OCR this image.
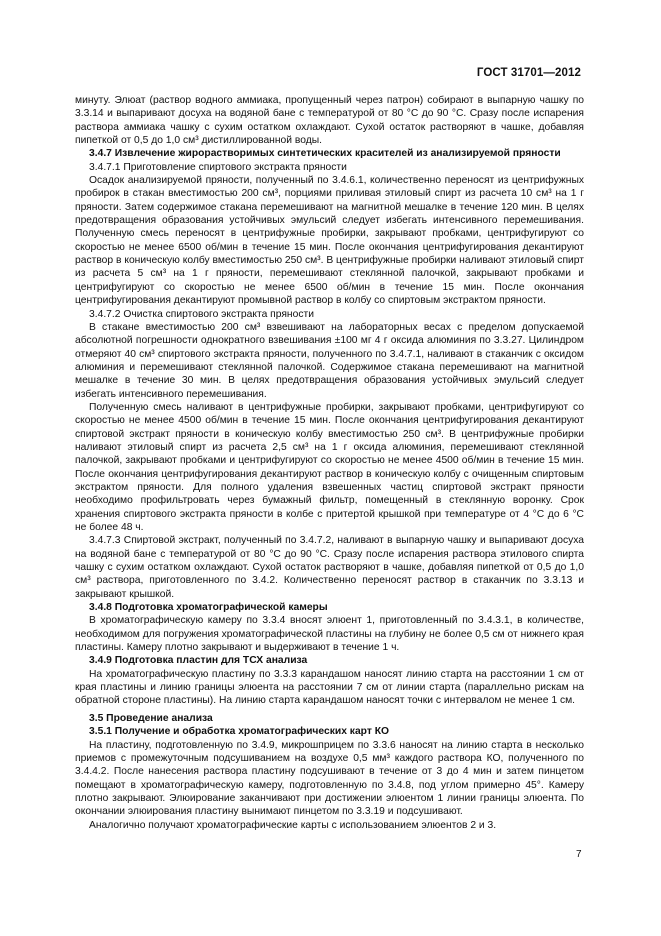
ГОСТ 31701—2012

минуту. Элюат (раствор водного аммиака, пропущенный через патрон) собирают в выпарную чашку по 3.3.14 и выпаривают досуха на водяной бане с температурой от 80 °С до 90 °С. Сразу после испарения раствора аммиака чашку с сухим остатком охлаждают. Сухой остаток растворяют в чашке, добавляя пипеткой от 0,5 до 1,0 см³ дистиллированной воды.

3.4.7 Извлечение жирорастворимых синтетических красителей из анализируемой пряности

3.4.7.1 Приготовление спиртового экстракта пряности

Осадок анализируемой пряности, полученный по 3.4.6.1, количественно переносят из центрифужных пробирок в стакан вместимостью 200 см³, порциями приливая этиловый спирт из расчета 10 см³ на 1 г пряности. Затем содержимое стакана перемешивают на магнитной мешалке в течение 120 мин. В целях предотвращения образования устойчивых эмульсий следует избегать интенсивного перемешивания. Полученную смесь переносят в центрифужные пробирки, закрывают пробками, центрифугируют со скоростью не менее 6500 об/мин в течение 15 мин. После окончания центрифугирования декантируют раствор в коническую колбу вместимостью 250 см³. В центрифужные пробирки наливают этиловый спирт из расчета 5 см³ на 1 г пряности, перемешивают стеклянной палочкой, закрывают пробками и центрифугируют со скоростью не менее 6500 об/мин в течение 15 мин. После окончания центрифугирования декантируют промывной раствор в колбу со спиртовым экстрактом пряности.

3.4.7.2 Очистка спиртового экстракта пряности

В стакане вместимостью 200 см³ взвешивают на лабораторных весах с пределом допускаемой абсолютной погрешности однократного взвешивания ±100 мг 4 г оксида алюминия по 3.3.27. Цилиндром отмеряют 40 см³ спиртового экстракта пряности, полученного по 3.4.7.1, наливают в стаканчик с оксидом алюминия и перемешивают стеклянной палочкой. Содержимое стакана перемешивают на магнитной мешалке в течение 30 мин. В целях предотвращения образования устойчивых эмульсий следует избегать интенсивного перемешивания.

Полученную смесь наливают в центрифужные пробирки, закрывают пробками, центрифугируют со скоростью не менее 4500 об/мин в течение 15 мин. После окончания центрифугирования декантируют спиртовой экстракт пряности в коническую колбу вместимостью 250 см³. В центрифужные пробирки наливают этиловый спирт из расчета 2,5 см³ на 1 г оксида алюминия, перемешивают стеклянной палочкой, закрывают пробками и центрифугируют со скоростью не менее 4500 об/мин в течение 15 мин. После окончания центрифугирования декантируют раствор в коническую колбу с очищенным спиртовым экстрактом пряности. Для полного удаления взвешенных частиц спиртовой экстракт пряности необходимо профильтровать через бумажный фильтр, помещенный в стеклянную воронку. Срок хранения спиртового экстракта пряности в колбе с притертой крышкой при температуре от 4 °С до 6 °С не более 48 ч.

3.4.7.3 Спиртовой экстракт, полученный по 3.4.7.2, наливают в выпарную чашку и выпаривают досуха на водяной бане с температурой от 80 °С до 90 °С. Сразу после испарения раствора этилового спирта чашку с сухим остатком охлаждают. Сухой остаток растворяют в чашке, добавляя пипеткой от 0,5 до 1,0 см³ раствора, приготовленного по 3.4.2. Количественно переносят раствор в стаканчик по 3.3.13 и закрывают крышкой.

3.4.8 Подготовка хроматографической камеры

В хроматографическую камеру по 3.3.4 вносят элюент 1, приготовленный по 3.4.3.1, в количестве, необходимом для погружения хроматографической пластины на глубину не более 0,5 см от нижнего края пластины. Камеру плотно закрывают и выдерживают в течение 1 ч.

3.4.9 Подготовка пластин для ТСХ анализа

На хроматографическую пластину по 3.3.3 карандашом наносят линию старта на расстоянии 1 см от края пластины и линию границы элюента на расстоянии 7 см от линии старта (параллельно рискам на обратной стороне пластины). На линию старта карандашом наносят точки с интервалом не менее 1 см.

3.5 Проведение анализа

3.5.1 Получение и обработка хроматографических карт КО

На пластину, подготовленную по 3.4.9, микрошприцем по 3.3.6 наносят на линию старта в несколько приемов с промежуточным подсушиванием на воздухе 0,5 мм³ каждого раствора КО, полученного по 3.4.4.2. После нанесения раствора пластину подсушивают в течение от 3 до 4 мин и затем пинцетом помещают в хроматографическую камеру, подготовленную по 3.4.8, под углом примерно 45°. Камеру плотно закрывают. Элюирование заканчивают при достижении элюентом 1 линии границы элюента. По окончании элюирования пластину вынимают пинцетом по 3.3.19 и подсушивают.

Аналогично получают хроматографические карты с использованием элюентов 2 и 3.

7
